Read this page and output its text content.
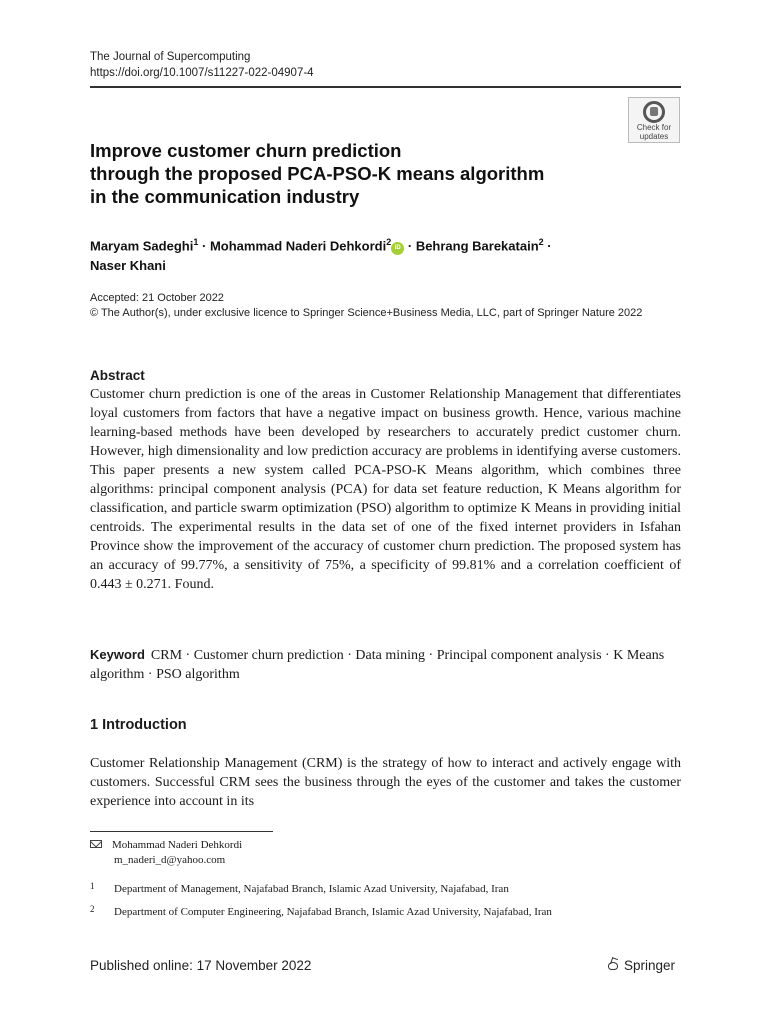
The Journal of Supercomputing
https://doi.org/10.1007/s11227-022-04907-4
Check for
updates
Improve customer churn prediction
through the proposed PCA-PSO-K means algorithm
in the communication industry
Maryam Sadeghi$^1$ · Mohammad Naderi Dehkordi$^2$iD · Behrang Barekatain$^2$ ·
Naser Khani
Accepted: 21 October 2022
© The Author(s), under exclusive licence to Springer Science+Business Media, LLC, part of Springer Nature 2022
Abstract
Customer churn prediction is one of the areas in Customer Relationship Management that differentiates loyal customers from factors that have a negative impact on business growth. Hence, various machine learning-based methods have been developed by researchers to accurately predict customer churn. However, high dimensionality and low prediction accuracy are problems in identifying averse customers. This paper presents a new system called PCA-PSO-K Means algorithm, which combines three algorithms: principal component analysis (PCA) for data set feature reduction, K Means algorithm for classification, and particle swarm optimization (PSO) algorithm to optimize K Means in providing initial centroids. The experimental results in the data set of one of the fixed internet providers in Isfahan Province show the improvement of the accuracy of customer churn prediction. The proposed system has an accuracy of 99.77%, a sensitivity of 75%, a specificity of 99.81% and a correlation coefficient of 0.443 ± 0.271. Found.
Keyword CRM · Customer churn prediction · Data mining · Principal component analysis · K Means algorithm · PSO algorithm
1 Introduction
Customer Relationship Management (CRM) is the strategy of how to interact and actively engage with customers. Successful CRM sees the business through the eyes of the customer and takes the customer experience into account in its
Mohammad Naderi Dehkordi
m_naderi_d@yahoo.com
1 Department of Management, Najafabad Branch, Islamic Azad University, Najafabad, Iran
2 Department of Computer Engineering, Najafabad Branch, Islamic Azad University, Najafabad, Iran
Published online: 17 November 2022	Springer
